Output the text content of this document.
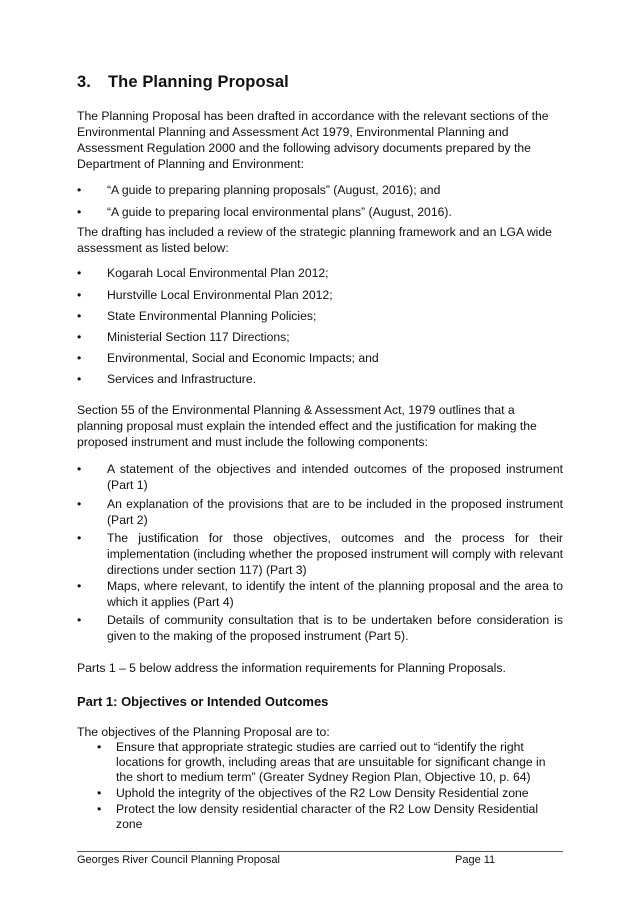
3. The Planning Proposal
The Planning Proposal has been drafted in accordance with the relevant sections of the Environmental Planning and Assessment Act 1979, Environmental Planning and Assessment Regulation 2000 and the following advisory documents prepared by the Department of Planning and Environment:
•	“A guide to preparing planning proposals” (August, 2016); and
•	“A guide to preparing local environmental plans” (August, 2016).
The drafting has included a review of the strategic planning framework and an LGA wide assessment as listed below:
•	Kogarah Local Environmental Plan 2012;
•	Hurstville Local Environmental Plan 2012;
•	State Environmental Planning Policies;
•	Ministerial Section 117 Directions;
•	Environmental, Social and Economic Impacts; and
•	Services and Infrastructure.
Section 55 of the Environmental Planning & Assessment Act, 1979 outlines that a planning proposal must explain the intended effect and the justification for making the proposed instrument and must include the following components:
•	A statement of the objectives and intended outcomes of the proposed instrument (Part 1)
•	An explanation of the provisions that are to be included in the proposed instrument (Part 2)
•	The justification for those objectives, outcomes and the process for their implementation (including whether the proposed instrument will comply with relevant directions under section 117) (Part 3)
•	Maps, where relevant, to identify the intent of the planning proposal and the area to which it applies (Part 4)
•	Details of community consultation that is to be undertaken before consideration is given to the making of the proposed instrument (Part 5).
Parts 1 – 5 below address the information requirements for Planning Proposals.
Part 1: Objectives or Intended Outcomes
The objectives of the Planning Proposal are to:
•	Ensure that appropriate strategic studies are carried out to “identify the right locations for growth, including areas that are unsuitable for significant change in the short to medium term” (Greater Sydney Region Plan, Objective 10, p. 64)
•	Uphold the integrity of the objectives of the R2 Low Density Residential zone
•	Protect the low density residential character of the R2 Low Density Residential zone
Georges River Council Planning Proposal	Page 11
